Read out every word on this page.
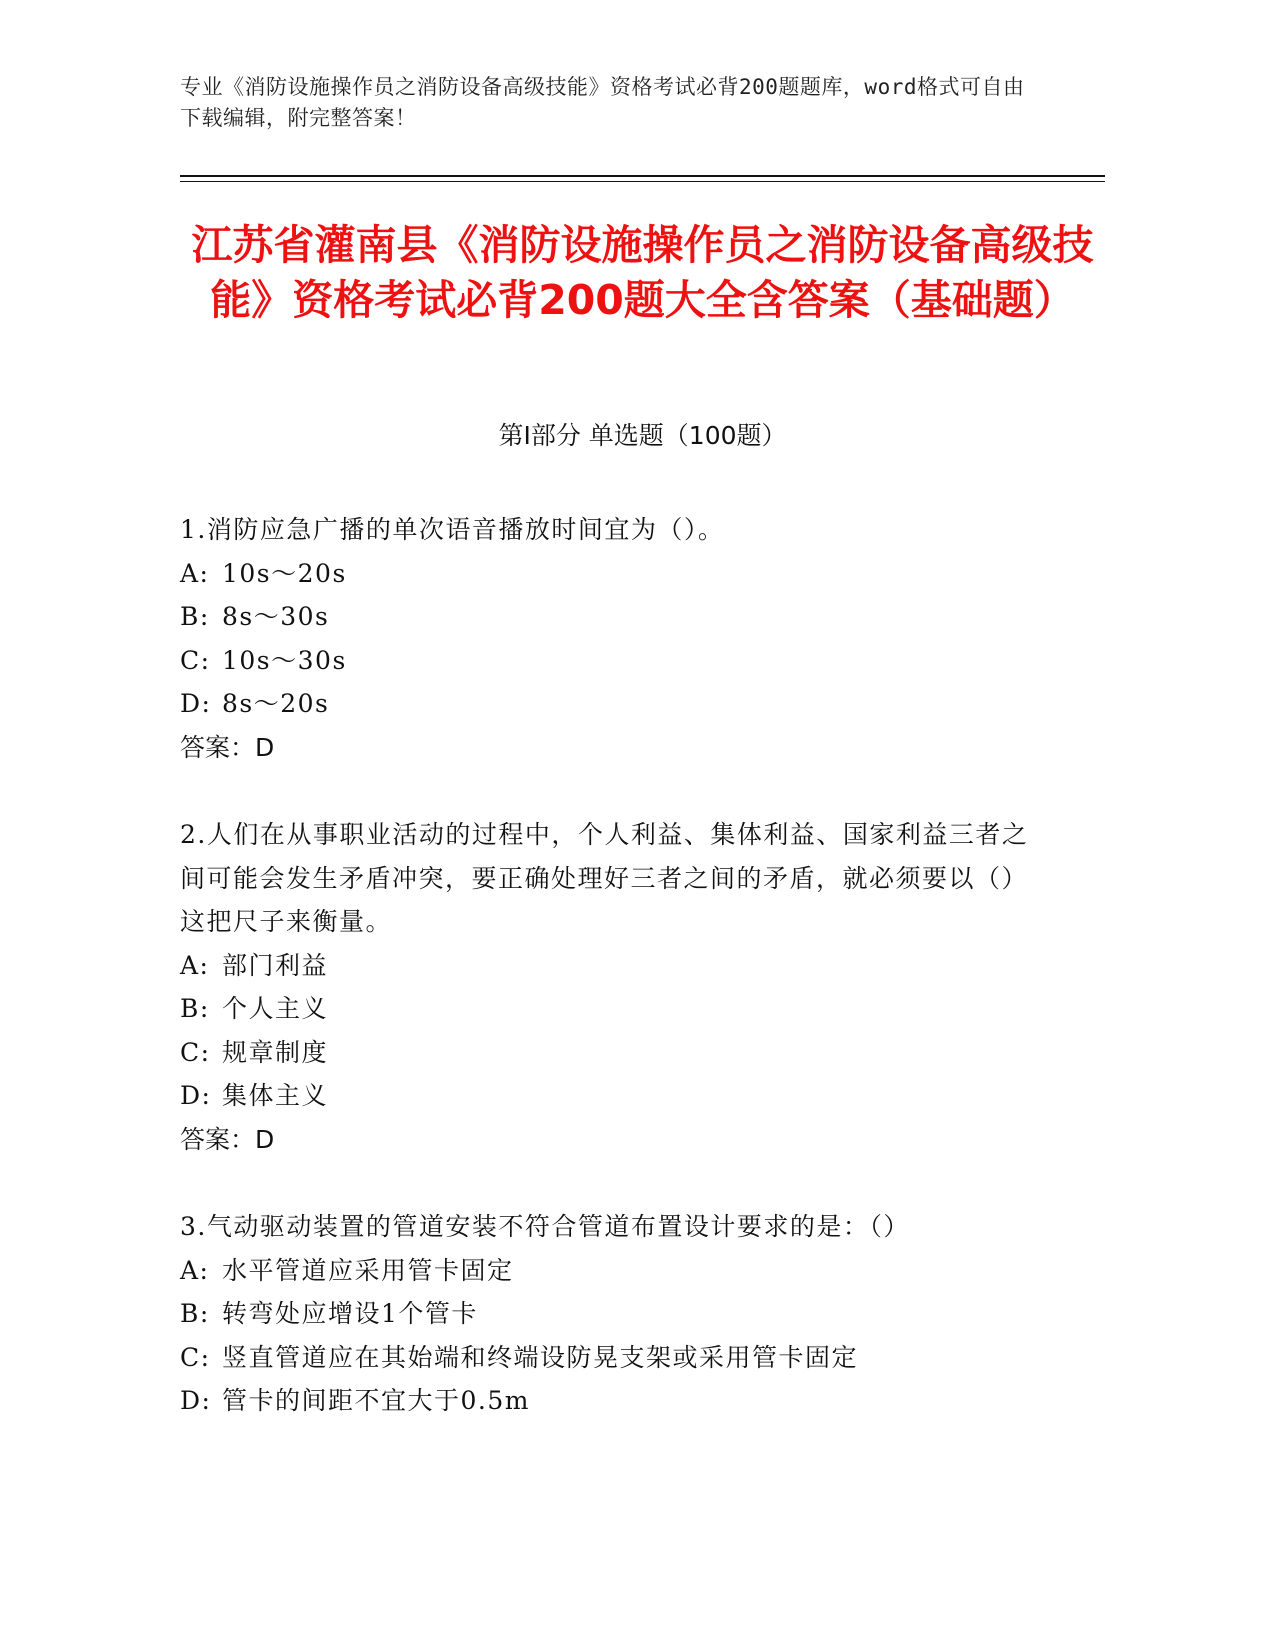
专业《消防设施操作员之消防设备高级技能》资格考试必背200题题库，word格式可自由下载编辑，附完整答案！
江苏省灌南县《消防设施操作员之消防设备高级技能》资格考试必背200题大全含答案（基础题）
第I部分 单选题（100题）
1.消防应急广播的单次语音播放时间宜为（）。
A: 10s～20s
B: 8s～30s
C: 10s～30s
D: 8s～20s
答案：D
2.人们在从事职业活动的过程中，个人利益、集体利益、国家利益三者之间可能会发生矛盾冲突，要正确处理好三者之间的矛盾，就必须要以（）这把尺子来衡量。
A: 部门利益
B: 个人主义
C: 规章制度
D: 集体主义
答案：D
3.气动驱动装置的管道安装不符合管道布置设计要求的是：（）
A: 水平管道应采用管卡固定
B: 转弯处应增设1个管卡
C: 竖直管道应在其始端和终端设防晃支架或采用管卡固定
D: 管卡的间距不宜大于0.5m
